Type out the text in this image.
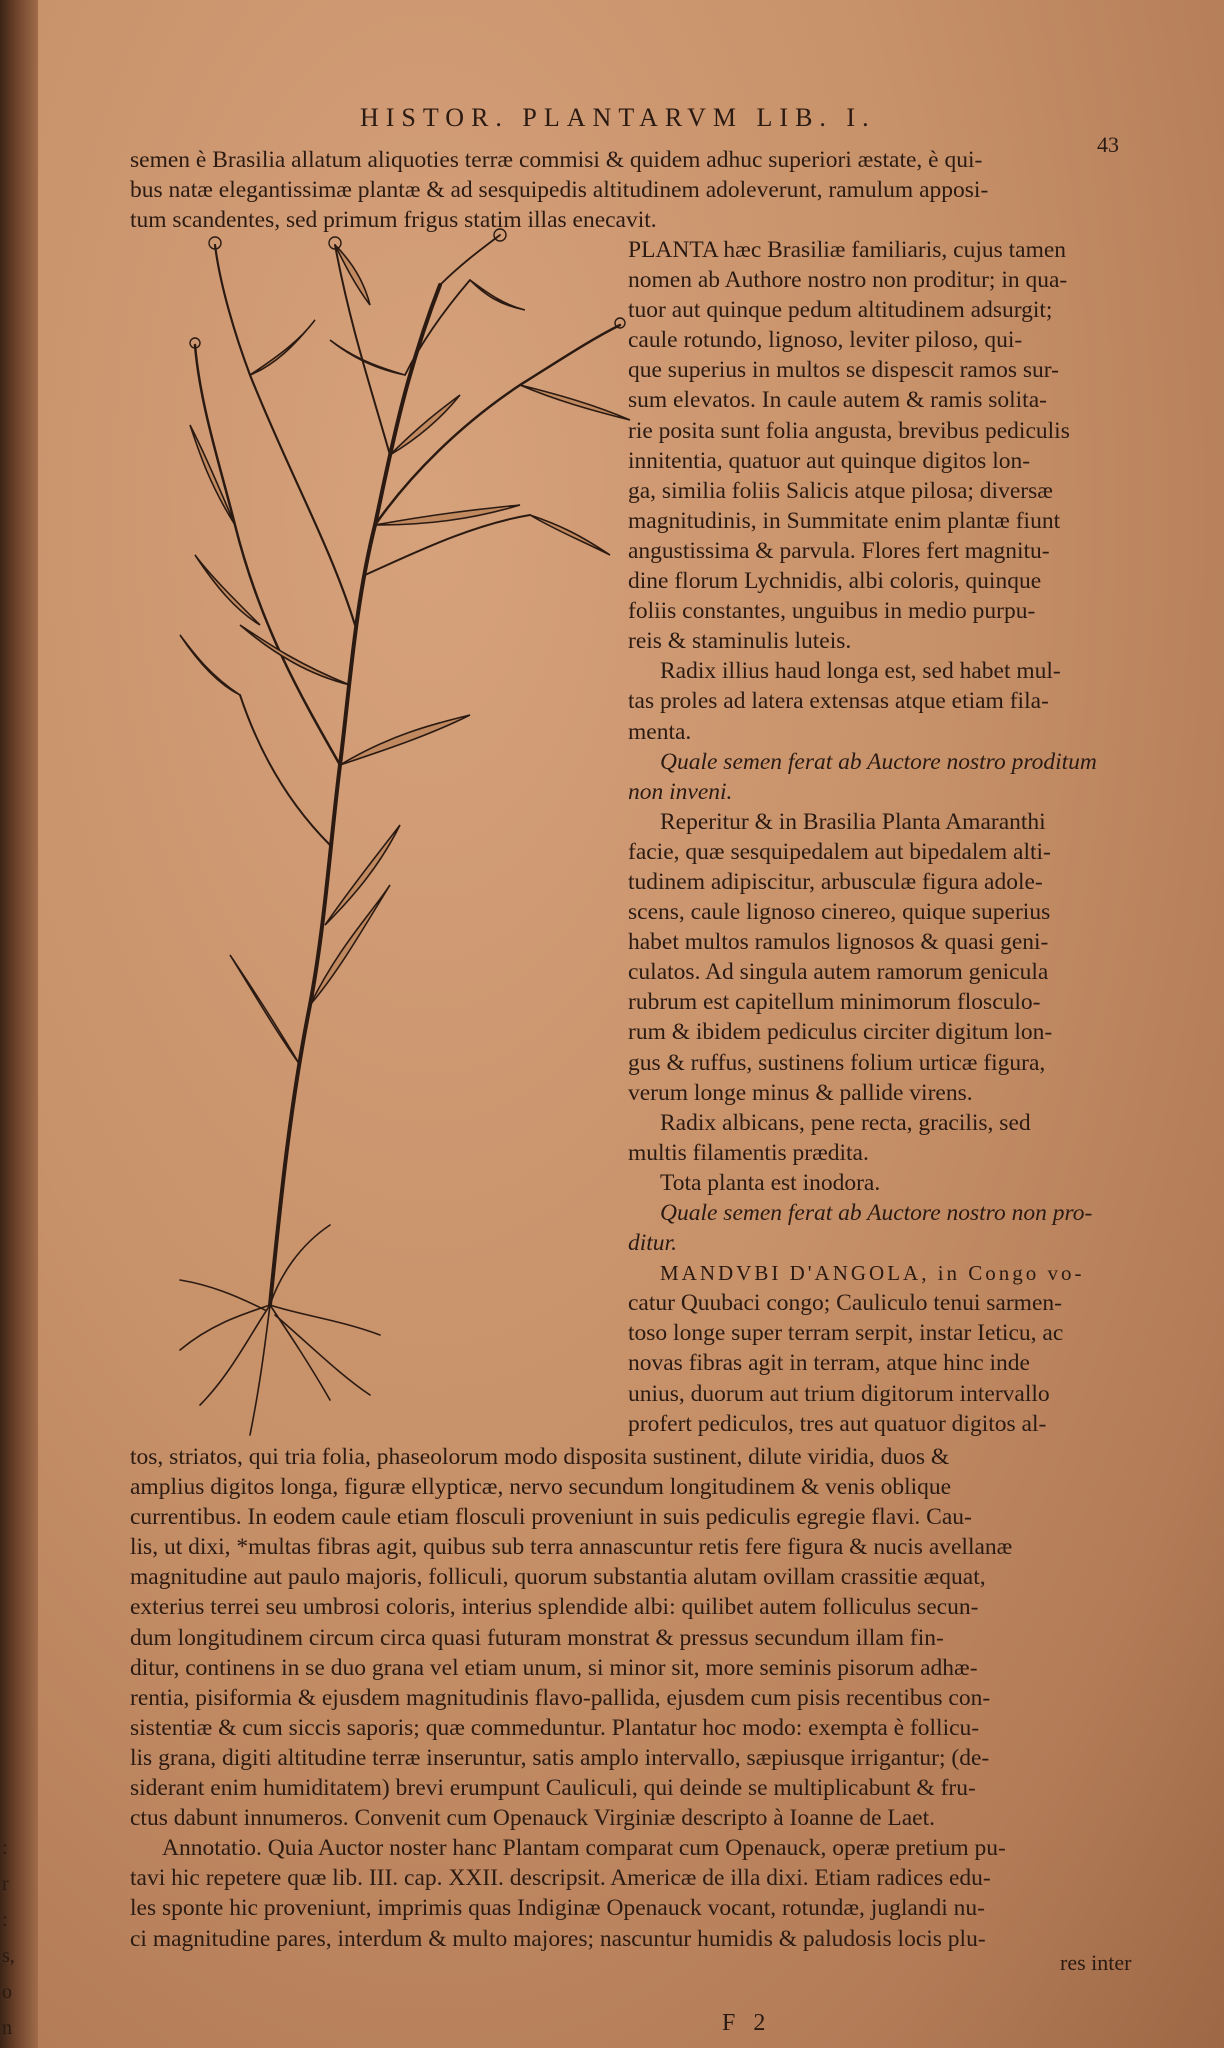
:
r
:
s,
o
n
HISTOR. PLANTARVM LIB. I.
43
semen è Brasilia allatum aliquoties terræ commisi & quidem adhuc superiori æstate, è qui-
bus natæ elegantissimæ plantæ & ad sesquipedis altitudinem adoleverunt, ramulum apposi-
tum scandentes, sed primum frigus statim illas enecavit.
PLANTA hæc Brasiliæ familiaris, cujus tamen
nomen ab Authore nostro non proditur; in qua-
tuor aut quinque pedum altitudinem adsurgit;
caule rotundo, lignoso, leviter piloso, qui-
que superius in multos se dispescit ramos sur-
sum elevatos. In caule autem & ramis solita-
rie posita sunt folia angusta, brevibus pediculis
innitentia, quatuor aut quinque digitos lon-
ga, similia foliis Salicis atque pilosa; diversæ
magnitudinis, in Summitate enim plantæ fiunt
angustissima & parvula. Flores fert magnitu-
dine florum Lychnidis, albi coloris, quinque
foliis constantes, unguibus in medio purpu-
reis & staminulis luteis.
Radix illius haud longa est, sed habet mul-
tas proles ad latera extensas atque etiam fila-
menta.
Quale semen ferat ab Auctore nostro proditum
non inveni.
Reperitur & in Brasilia Planta Amaranthi
facie, quæ sesquipedalem aut bipedalem alti-
tudinem adipiscitur, arbusculæ figura adole-
scens, caule lignoso cinereo, quique superius
habet multos ramulos lignosos & quasi geni-
culatos. Ad singula autem ramorum genicula
rubrum est capitellum minimorum flosculo-
rum & ibidem pediculus circiter digitum lon-
gus & ruffus, sustinens folium urticæ figura,
verum longe minus & pallide virens.
Radix albicans, pene recta, gracilis, sed
multis filamentis prædita.
Tota planta est inodora.
Quale semen ferat ab Auctore nostro non pro-
ditur.
MANDVBI D'ANGOLA, in Congo vo-
catur Quubaci congo; Cauliculo tenui sarmen-
toso longe super terram serpit, instar Ieticu, ac
novas fibras agit in terram, atque hinc inde
unius, duorum aut trium digitorum intervallo
profert pediculos, tres aut quatuor digitos al-
tos, striatos, qui tria folia, phaseolorum modo disposita sustinent, dilute viridia, duos &
amplius digitos longa, figuræ ellypticæ, nervo secundum longitudinem & venis oblique
currentibus. In eodem caule etiam flosculi proveniunt in suis pediculis egregie flavi. Cau-
lis, ut dixi, *multas fibras agit, quibus sub terra annascuntur retis fere figura & nucis avellanæ
magnitudine aut paulo majoris, folliculi, quorum substantia alutam ovillam crassitie æquat,
exterius terrei seu umbrosi coloris, interius splendide albi: quilibet autem folliculus secun-
dum longitudinem circum circa quasi futuram monstrat & pressus secundum illam fin-
ditur, continens in se duo grana vel etiam unum, si minor sit, more seminis pisorum adhæ-
rentia, pisiformia & ejusdem magnitudinis flavo-pallida, ejusdem cum pisis recentibus con-
sistentiæ & cum siccis saporis; quæ commeduntur. Plantatur hoc modo: exempta è follicu-
lis grana, digiti altitudine terræ inseruntur, satis amplo intervallo, sæpiusque irrigantur; (de-
siderant enim humiditatem) brevi erumpunt Cauliculi, qui deinde se multiplicabunt & fru-
ctus dabunt innumeros. Convenit cum Openauck Virginiæ descripto à Ioanne de Laet.
Annotatio. Quia Auctor noster hanc Plantam comparat cum Openauck, operæ pretium pu-
tavi hic repetere quæ lib. III. cap. XXII. descripsit. Americæ de illa dixi. Etiam radices edu-
les sponte hic proveniunt, imprimis quas Indiginæ Openauck vocant, rotundæ, juglandi nu-
ci magnitudine pares, interdum & multo majores; nascuntur humidis & paludosis locis plu-
res inter
F 2
